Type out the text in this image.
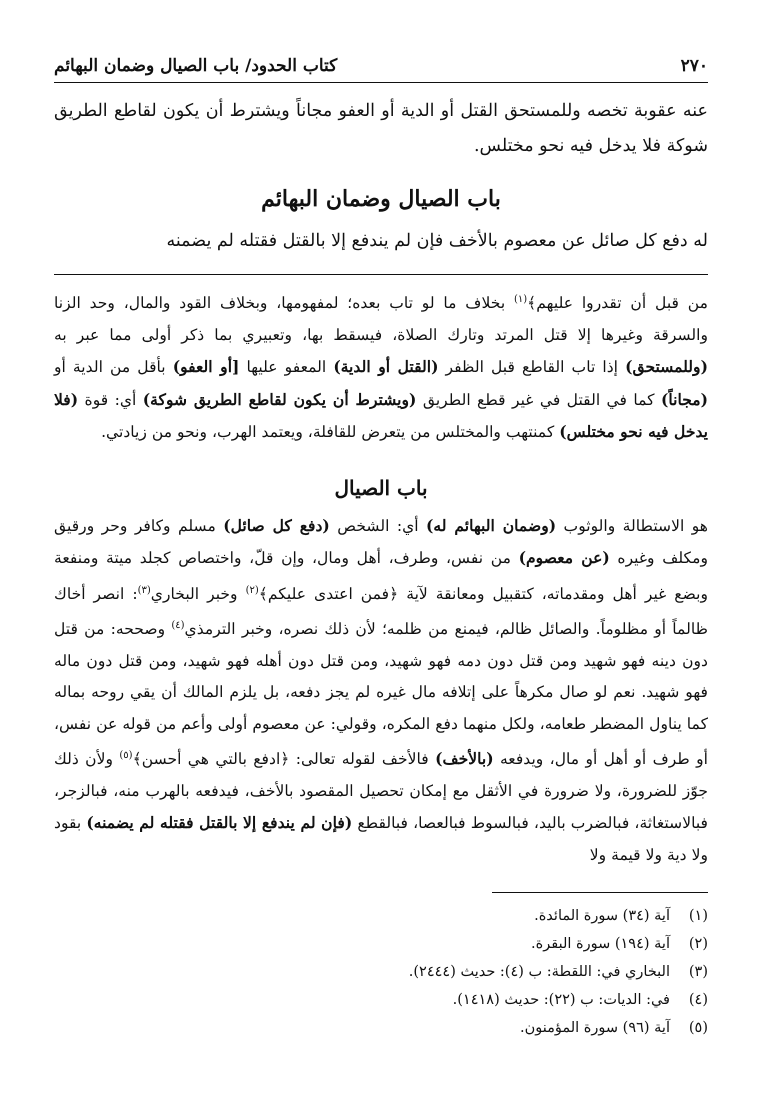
٢٧٠
كتاب الحدود/ باب الصيال وضمان البهائم

عنه عقوبة تخصه وللمستحق القتل أو الدية أو العفو مجاناً ويشترط أن يكون لقاطع الطريق شوكة فلا يدخل فيه نحو مختلس.

باب الصيال وضمان البهائم

له دفع كل صائل عن معصوم بالأخف فإن لم يندفع إلا بالقتل فقتله لم يضمنه

من قبل أن تقدروا عليهم﴾$^{(١)}$ بخلاف ما لو تاب بعده؛ لمفهومها، وبخلاف القود والمال، وحد الزنا والسرقة وغيرها إلا قتل المرتد وتارك الصلاة، فيسقط بها، وتعبيري بما ذكر أولى مما عبر به (وللمستحق) إذا تاب القاطع قبل الظفر (القتل أو الدية) المعفو عليها [أو العفو) بأقل من الدية أو (مجاناً) كما في القتل في غير قطع الطريق (ويشترط أن يكون لقاطع الطريق شوكة) أي: قوة (فلا يدخل فيه نحو مختلس) كمنتهب والمختلس من يتعرض للقافلة، ويعتمد الهرب، ونحو من زيادتي.

باب الصيال

هو الاستطالة والوثوب (وضمان البهائم له) أي: الشخص (دفع كل صائل) مسلم وكافر وحر ورقيق ومكلف وغيره (عن معصوم) من نفس، وطرف، أهل ومال، وإن قلّ، واختصاص كجلد ميتة ومنفعة وبضع غير أهل ومقدماته، كتقبيل ومعانقة لآية ﴿فمن اعتدى عليكم﴾$^{(٢)}$ وخبر البخاري$^{(٣)}$: انصر أخاك ظالماً أو مظلوماً. والصائل ظالم، فيمنع من ظلمه؛ لأن ذلك نصره، وخبر الترمذي$^{(٤)}$ وصححه: من قتل دون دينه فهو شهيد ومن قتل دون دمه فهو شهيد، ومن قتل دون أهله فهو شهيد، ومن قتل دون ماله فهو شهيد. نعم لو صال مكرهاً على إتلافه مال غيره لم يجز دفعه، بل يلزم المالك أن يقي روحه بماله كما يناول المضطر طعامه، ولكل منهما دفع المكره، وقولي: عن معصوم أولى وأعم من قوله عن نفس، أو طرف أو أهل أو مال، ويدفعه (بالأخف) فالأخف لقوله تعالى: ﴿ادفع بالتي هي أحسن﴾$^{(٥)}$ ولأن ذلك جوّز للضرورة، ولا ضرورة في الأثقل مع إمكان تحصيل المقصود بالأخف، فيدفعه بالهرب منه، فبالزجر، فبالاستغاثة، فبالضرب باليد، فبالسوط فبالعصا، فبالقطع (فإن لم يندفع إلا بالقتل فقتله لم يضمنه) بقود ولا دية ولا قيمة ولا

(١)
آية (٣٤) سورة المائدة.
(٢)
آية (١٩٤) سورة البقرة.
(٣)
البخاري في: اللقطة: ب (٤): حديث (٢٤٤٤).
(٤)
في: الديات: ب (٢٢): حديث (١٤١٨).
(٥)
آية (٩٦) سورة المؤمنون.
